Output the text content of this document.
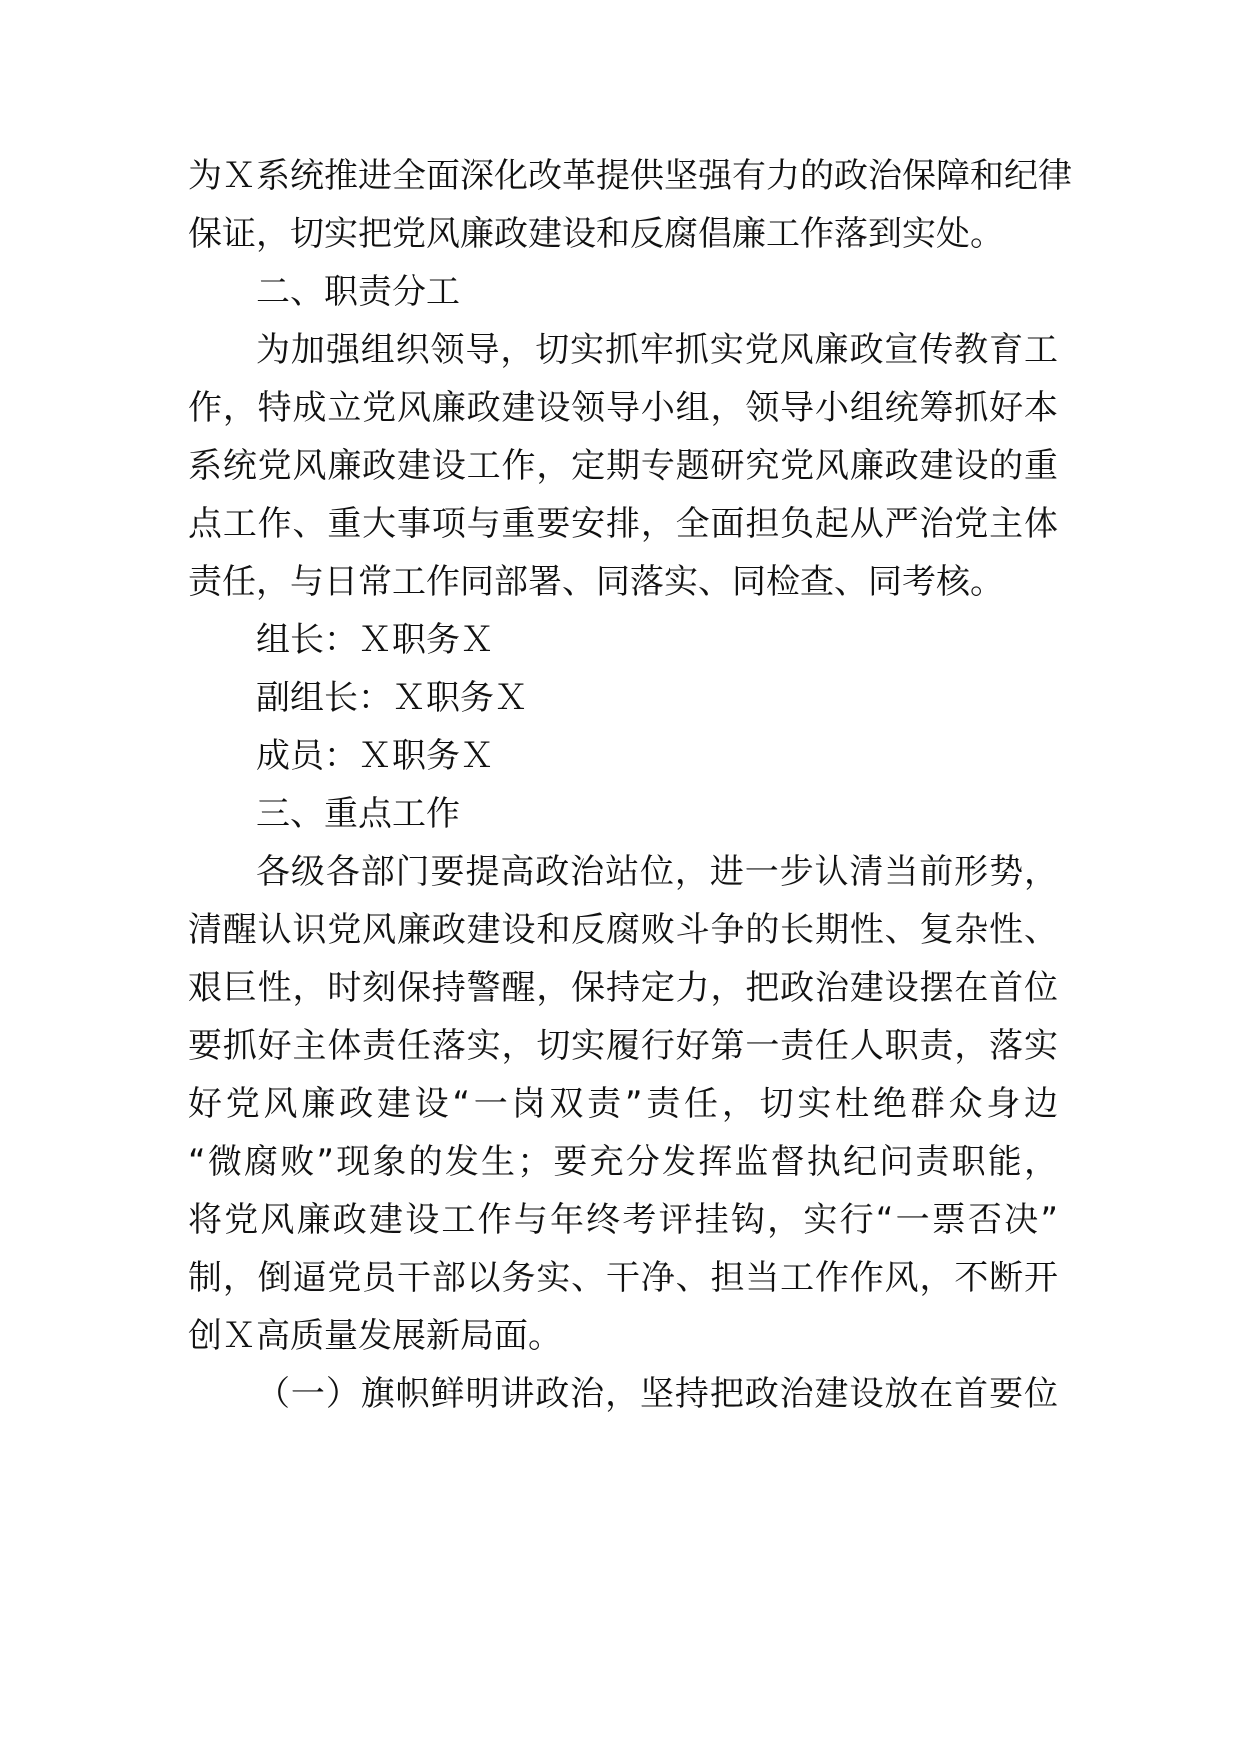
为Ｘ系统推进全面深化改革提供坚强有力的政治保障和纪律
保证，切实把党风廉政建设和反腐倡廉工作落到实处。
二、职责分工
为加强组织领导，切实抓牢抓实党风廉政宣传教育工
作，特成立党风廉政建设领导小组，领导小组统筹抓好本
系统党风廉政建设工作，定期专题研究党风廉政建设的重
点工作、重大事项与重要安排，全面担负起从严治党主体
责任，与日常工作同部署、同落实、同检查、同考核。
组长：Ｘ职务Ｘ
副组长：Ｘ职务Ｘ
成员：Ｘ职务Ｘ
三、重点工作
各级各部门要提高政治站位，进一步认清当前形势，
清醒认识党风廉政建设和反腐败斗争的长期性、复杂性、
艰巨性，时刻保持警醒，保持定力，把政治建设摆在首位
要抓好主体责任落实，切实履行好第一责任人职责，落实
好党风廉政建设“一岗双责”责任，切实杜绝群众身边
“微腐败”现象的发生；要充分发挥监督执纪问责职能，
将党风廉政建设工作与年终考评挂钩，实行“一票否决”
制，倒逼党员干部以务实、干净、担当工作作风，不断开
创Ｘ高质量发展新局面。
（一）旗帜鲜明讲政治，坚持把政治建设放在首要位
